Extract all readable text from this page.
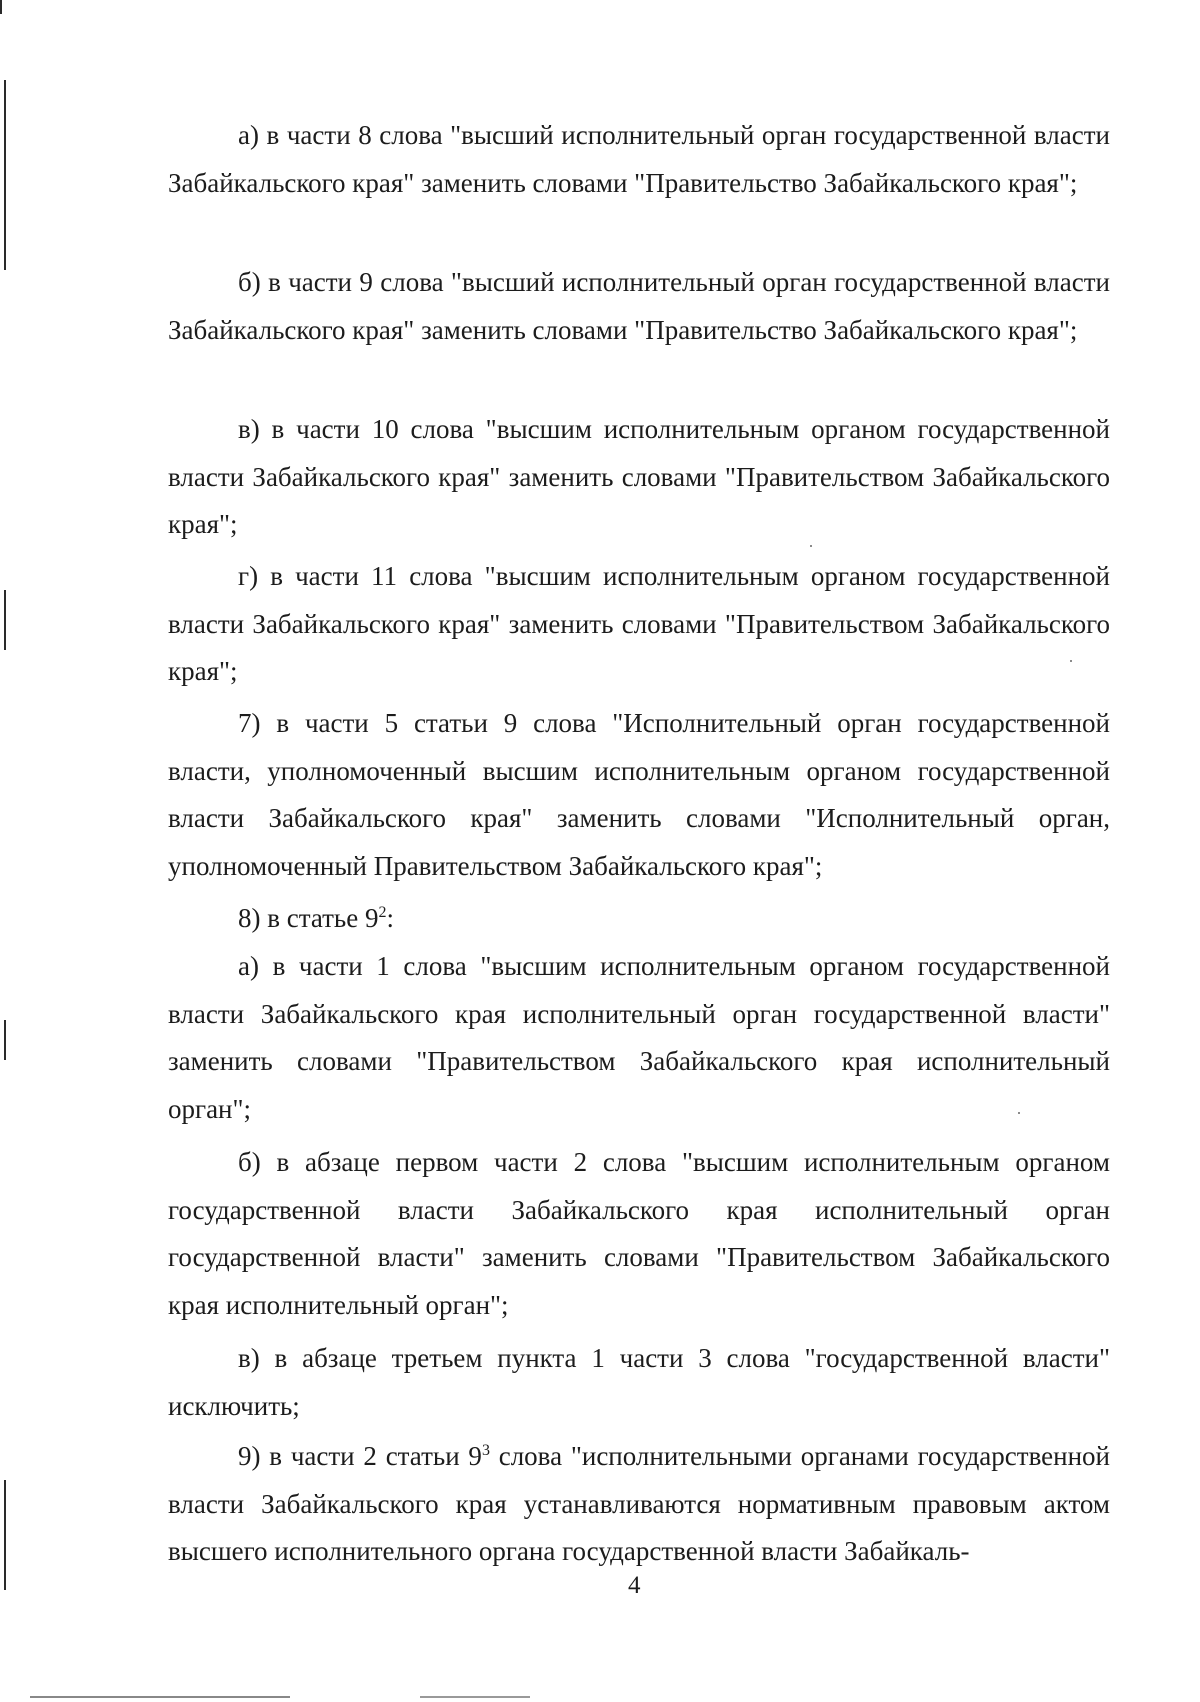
а) в части 8 слова "высший исполнительный орган государственной власти Забайкальского края" заменить словами "Правительство Забайкальского края";

б) в части 9 слова "высший исполнительный орган государственной власти Забайкальского края" заменить словами "Правительство Забайкальского края";

в) в части 10 слова "высшим исполнительным органом государственной власти Забайкальского края" заменить словами "Правительством Забайкальского края";

г) в части 11 слова "высшим исполнительным органом государственной власти Забайкальского края" заменить словами "Правительством Забайкальского края";

7) в части 5 статьи 9 слова "Исполнительный орган государственной власти, уполномоченный высшим исполнительным органом государственной власти Забайкальского края" заменить словами "Исполнительный орган, уполномоченный Правительством Забайкальского края";

8) в статье $9^2$:

а) в части 1 слова "высшим исполнительным органом государственной власти Забайкальского края исполнительный орган государственной власти" заменить словами "Правительством Забайкальского края исполнительный орган";

б) в абзаце первом части 2 слова "высшим исполнительным органом государственной власти Забайкальского края исполнительный орган государственной власти" заменить словами "Правительством Забайкальского края исполнительный орган";

в) в абзаце третьем пункта 1 части 3 слова "государственной власти" исключить;

9) в части 2 статьи $9^3$ слова "исполнительными органами государственной власти Забайкальского края устанавливаются нормативным правовым актом высшего исполнительного органа государственной власти Забайкаль-

4
